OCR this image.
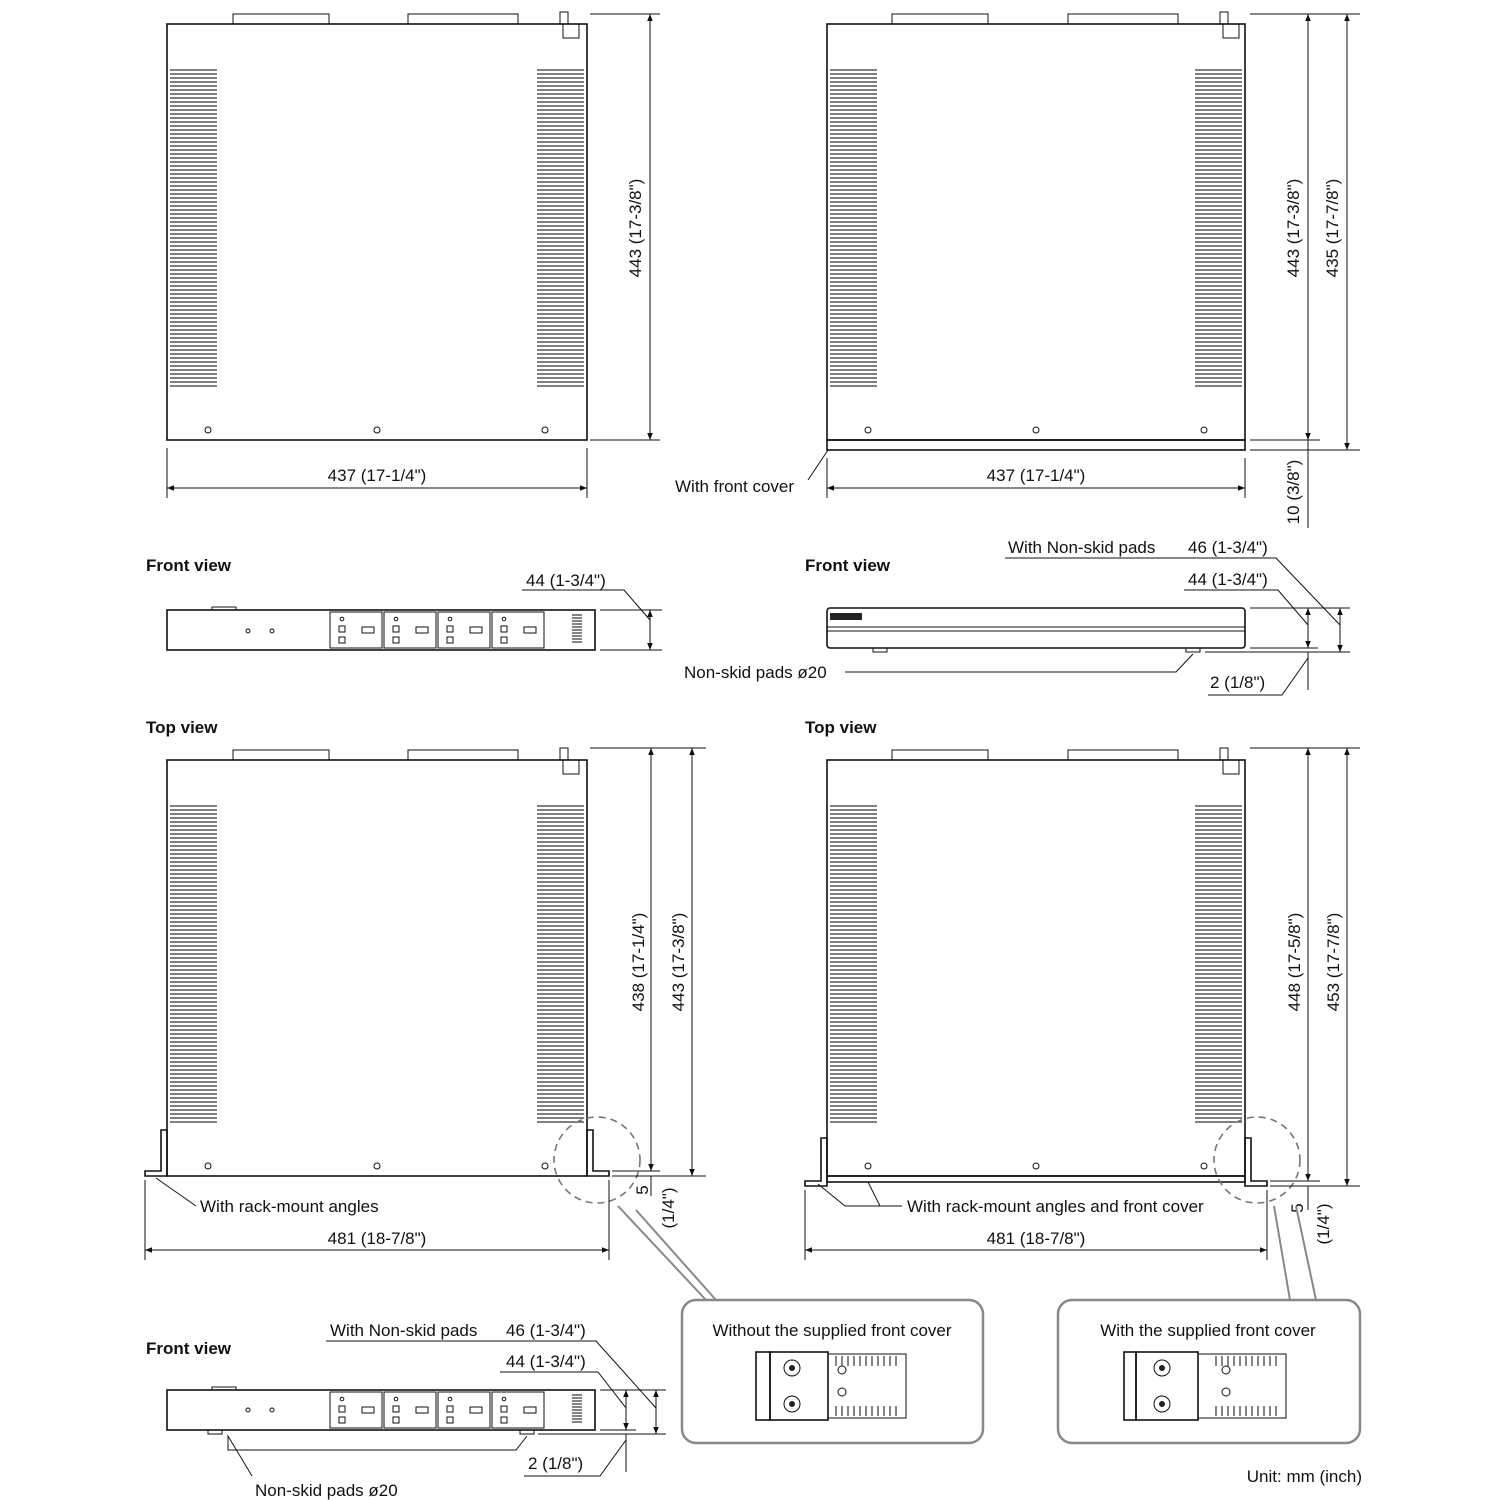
443 (17-3/8")
437 (17-1/4")
443 (17-3/8") 435 (17-7/8")
10 (3/8")
437 (17-1/4")
With front cover
Front view
44 (1-3/4")
Front view
With Non-skid pads 46 (1-3/4")
44 (1-3/4")
Non-skid pads ø20
2 (1/8")
Top view
438 (17-1/4") 443 (17-3/8")
5 (1/4")
481 (18-7/8")
With rack-mount angles
Top view
448 (17-5/8") 453 (17-7/8")
5 (1/4")
481 (18-7/8")
With rack-mount angles and front cover
Front view
With Non-skid pads 46 (1-3/4")
44 (1-3/4")
2 (1/8")
Non-skid pads ø20
Without the supplied front cover	With the supplied front cover
Unit: mm (inch)
